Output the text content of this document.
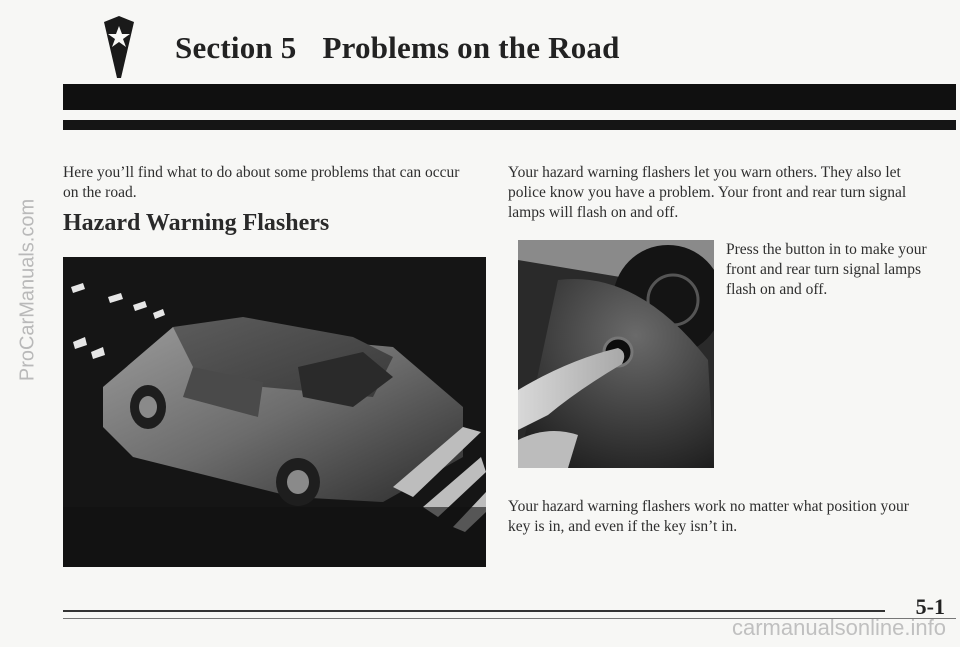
ProCarManuals.com
Section 5 Problems on the Road
Here you’ll find what to do about some problems that can occur on the road.
Hazard Warning Flashers
Your hazard warning flashers let you warn others. They also let police know you have a problem. Your front and rear turn signal lamps will flash on and off.
Press the button in to make your front and rear turn signal lamps flash on and off.
Your hazard warning flashers work no matter what position your key is in, and even if the key isn’t in.
5-1
carmanualsonline.info
